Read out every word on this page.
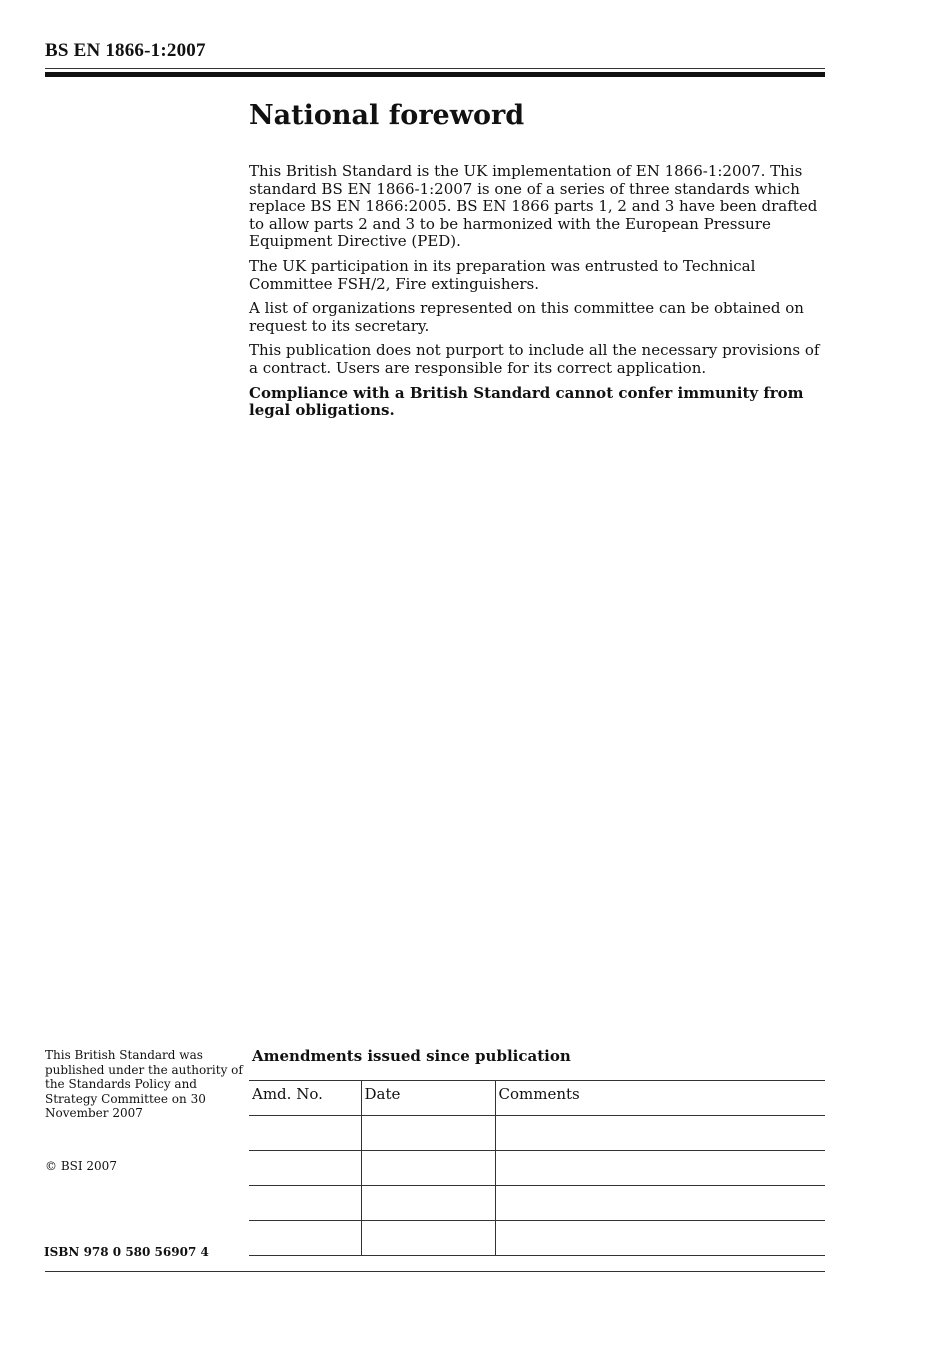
BS EN 1866-1:2007
National foreword

This British Standard is the UK implementation of EN 1866-1:2007. This standard BS EN 1866-1:2007 is one of a series of three standards which replace BS EN 1866:2005. BS EN 1866 parts 1, 2 and 3 have been drafted to allow parts 2 and 3 to be harmonized with the European Pressure Equipment Directive (PED).

The UK participation in its preparation was entrusted to Technical Committee FSH/2, Fire extinguishers.

A list of organizations represented on this committee can be obtained on request to its secretary.

This publication does not purport to include all the necessary provisions of a contract. Users are responsible for its correct application.

Compliance with a British Standard cannot confer immunity from legal obligations.

This British Standard was published under the authority of the Standards Policy and Strategy Committee on 30 November 2007
© BSI 2007
ISBN 978 0 580 56907 4
Amendments issued since publication
Amd. No.	Date	Comments
